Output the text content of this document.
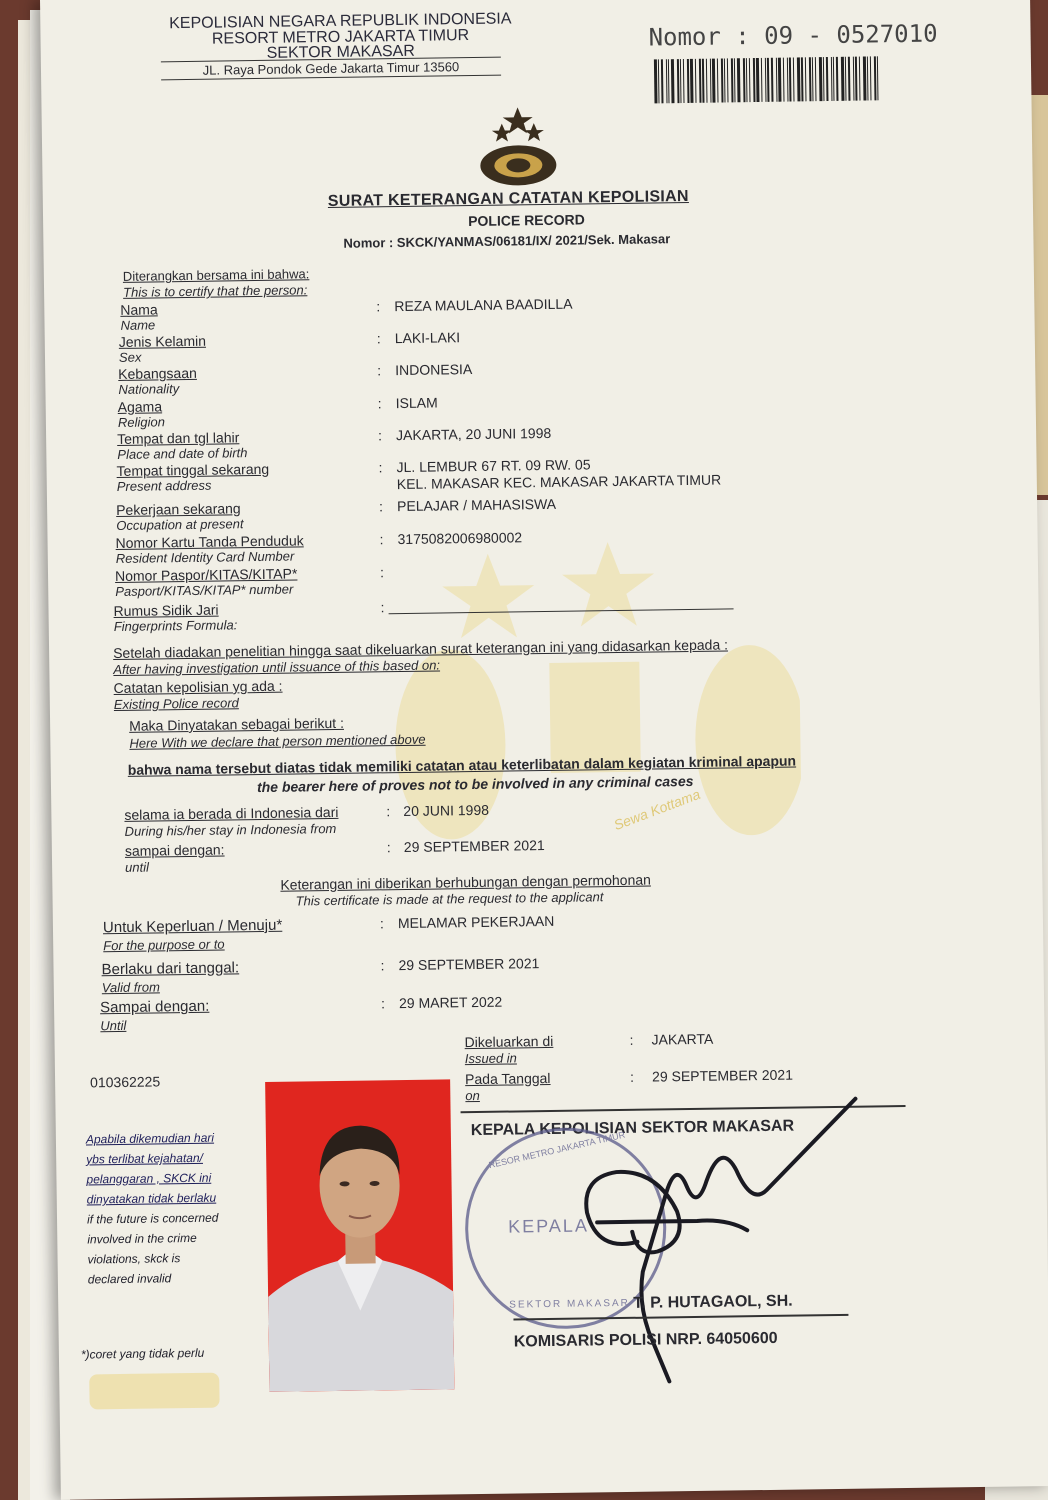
Sewa Kottama
KEPOLISIAN NEGARA REPUBLIK INDONESIA
RESORT METRO JAKARTA TIMUR
SEKTOR MAKASAR
JL. Raya Pondok Gede Jakarta Timur 13560
Nomor : 09 - 0527010
SURAT KETERANGAN CATATAN KEPOLISIAN
POLICE RECORD
Nomor : SKCK/YANMAS/06181/IX/ 2021/Sek. Makasar
Diterangkan bersama ini bahwa:
This is to certify that the person:
Nama
Name
: REZA MAULANA BAADILLA
Jenis Kelamin
Sex
: LAKI-LAKI
Kebangsaan
Nationality
: INDONESIA
Agama
Religion
: ISLAM
Tempat dan tgl lahir
Place and date of birth
: JAKARTA, 20 JUNI 1998
Tempat tinggal sekarang
Present address
: JL. LEMBUR 67 RT. 09 RW. 05
KEL. MAKASAR KEC. MAKASAR JAKARTA TIMUR
Pekerjaan sekarang
Occupation at present
: PELAJAR / MAHASISWA
Nomor Kartu Tanda Penduduk
Resident Identity Card Number
: 3175082006980002
Nomor Paspor/KITAS/KITAP*
Pasport/KITAS/KITAP* number
:
Rumus Sidik Jari
Fingerprints Formula:
:
Setelah diadakan penelitian hingga saat dikeluarkan surat keterangan ini yang didasarkan kepada :
After having investigation until issuance of this based on:
Catatan kepolisian yg ada :
Existing Police record
Maka Dinyatakan sebagai berikut :
Here With we declare that person mentioned above
bahwa nama tersebut diatas tidak memiliki catatan atau keterlibatan dalam kegiatan kriminal apapun
the bearer here of proves not to be involved in any criminal cases
selama ia berada di Indonesia dari
During his/her stay in Indonesia from
: 20 JUNI 1998
sampai dengan:
until
: 29 SEPTEMBER 2021
Keterangan ini diberikan berhubungan dengan permohonan
This certificate is made at the request to the applicant
Untuk Keperluan / Menuju*
For the purpose or to
: MELAMAR PEKERJAAN
Berlaku dari tanggal:
Valid from
: 29 SEPTEMBER 2021
Sampai dengan:
Until
: 29 MARET 2022
010362225
Dikeluarkan di
Issued in
: JAKARTA
Pada Tanggal
on
: 29 SEPTEMBER 2021
KEPALA KEPOLISIAN SEKTOR MAKASAR
KEPALA
RESOR METRO JAKARTA TIMUR
SEKTOR MAKASAR T. P. HUTAGAOL, SH.
KOMISARIS POLISI NRP. 64050600
Apabila dikemudian hari
ybs terlibat kejahatan/
pelanggaran , SKCK ini
dinyatakan tidak berlaku
if the future is concerned
involved in the crime
violations, skck is
declared invalid
*)coret yang tidak perlu
